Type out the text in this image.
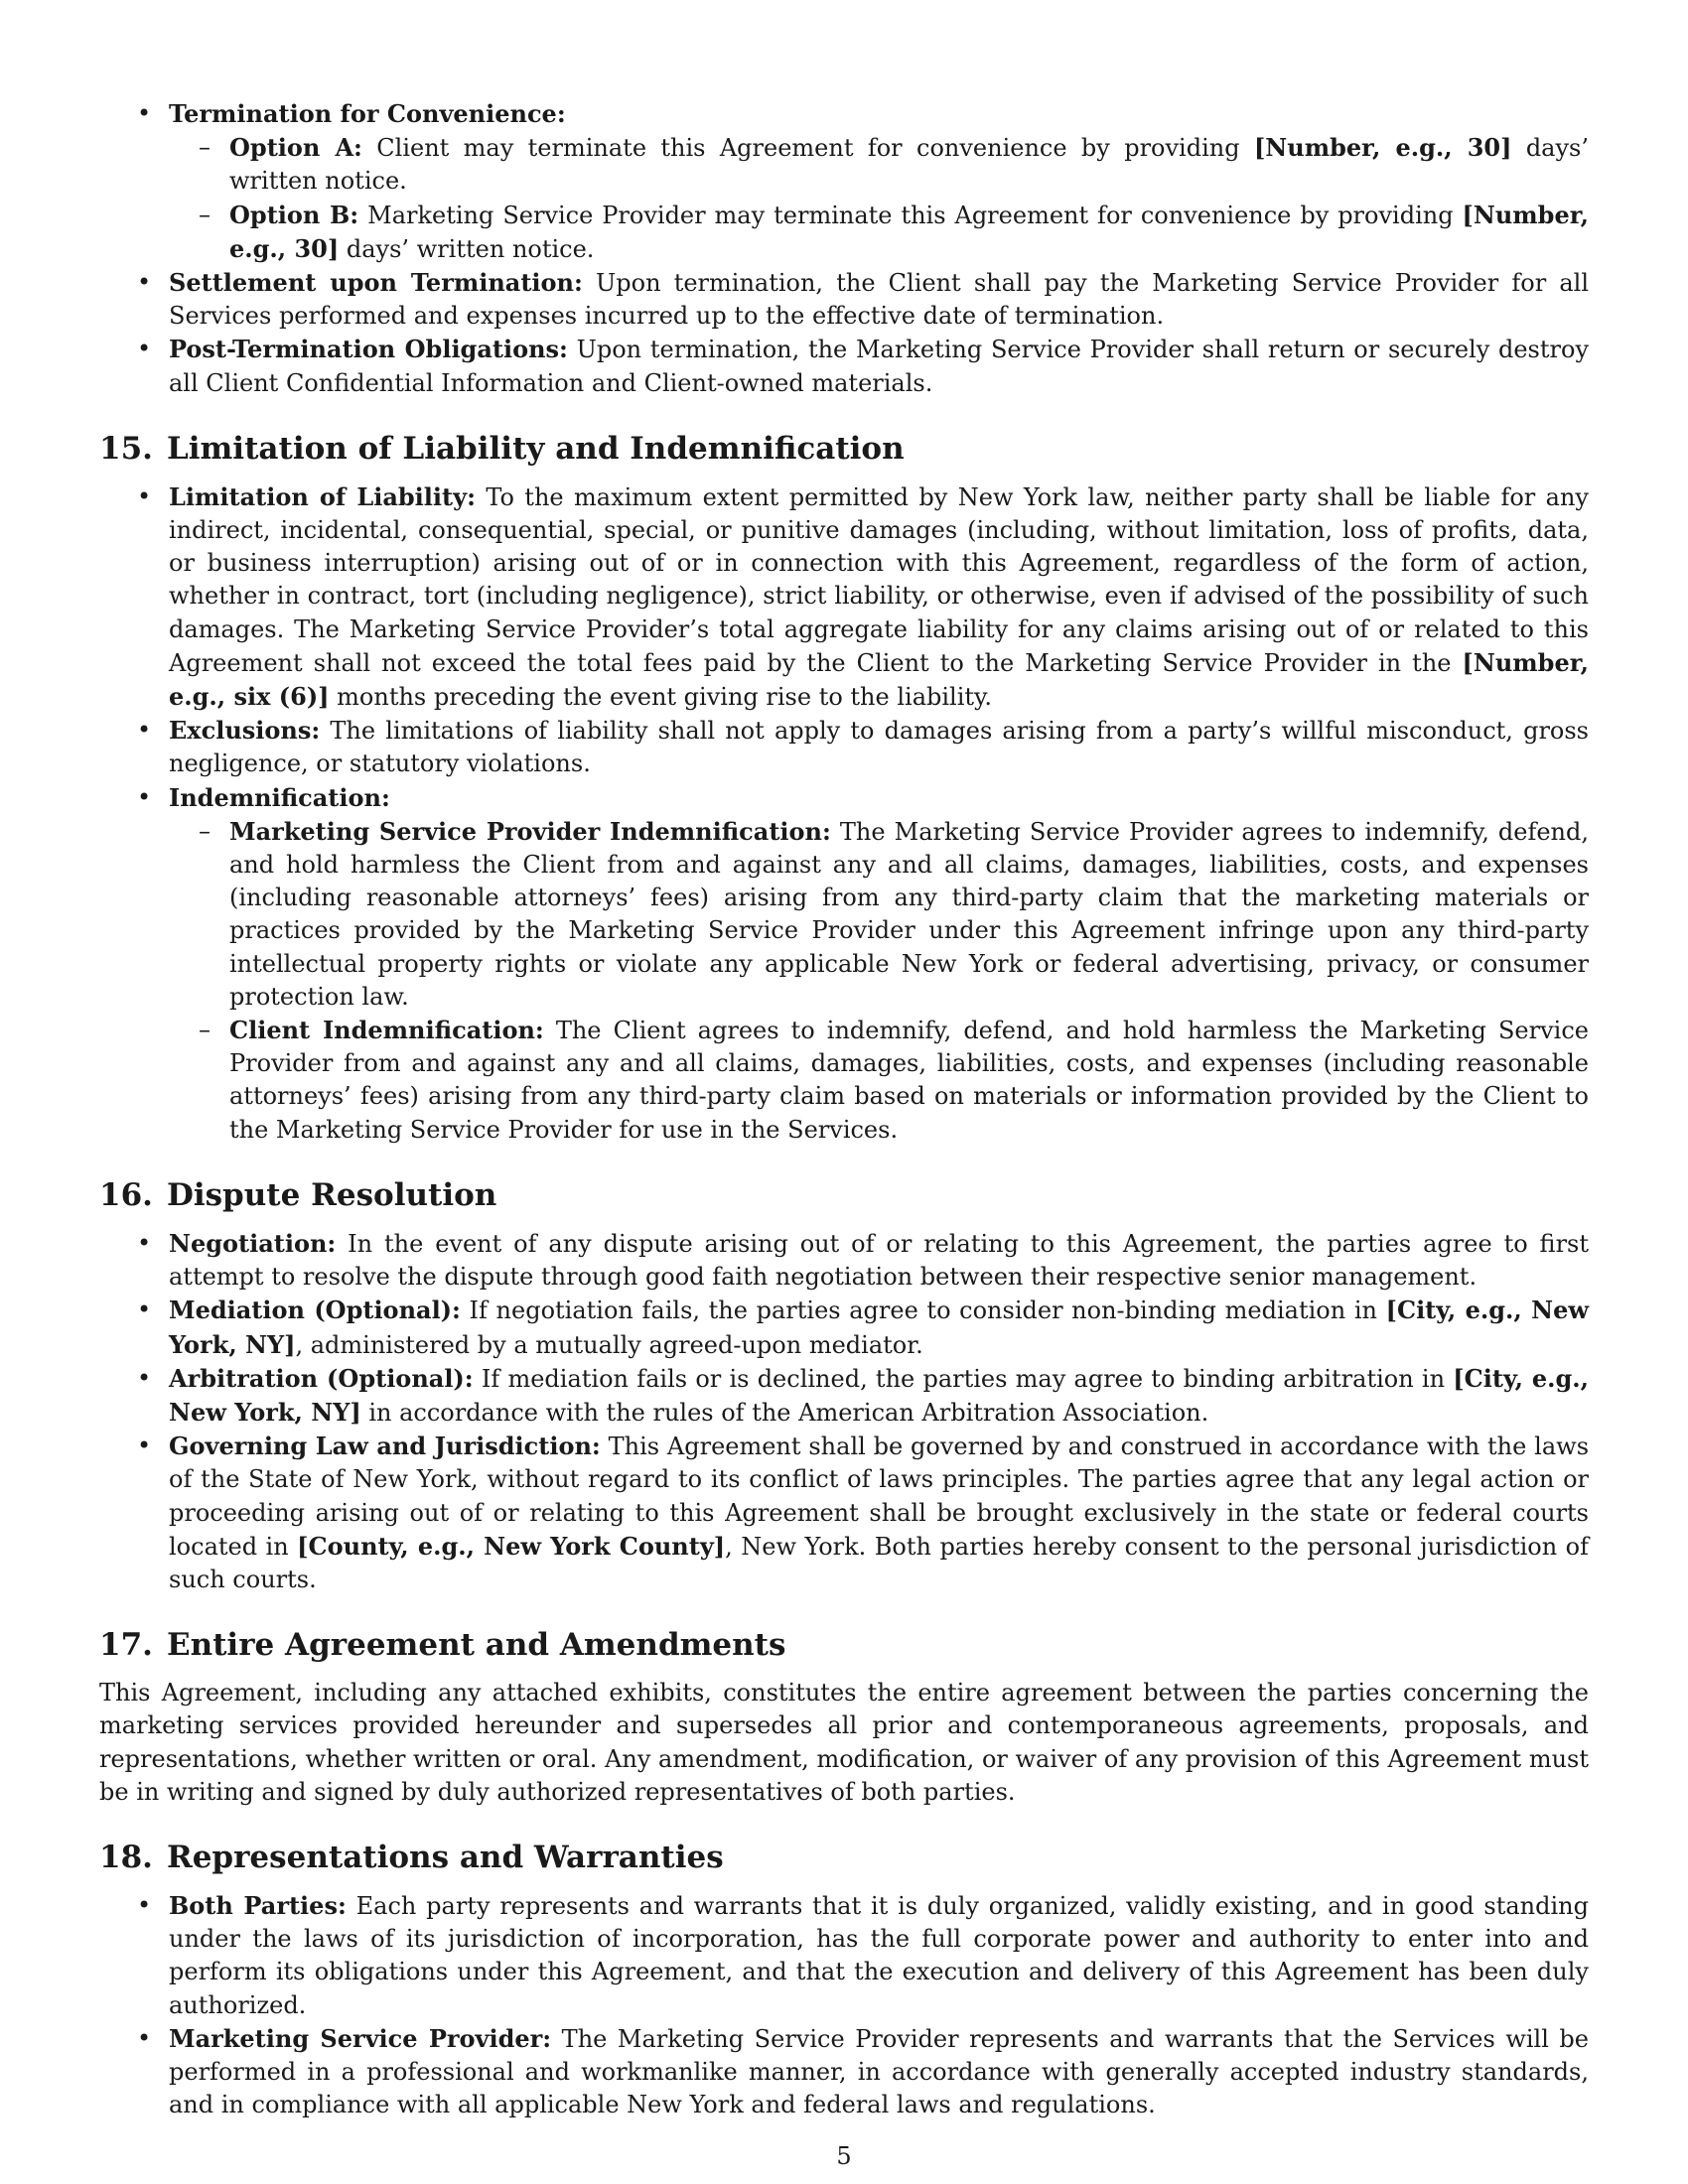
• Termination for Convenience:
– Option A: Client may terminate this Agreement for convenience by providing [Number, e.g., 30] days’ written notice.
– Option B: Marketing Service Provider may terminate this Agreement for convenience by providing [Number, e.g., 30] days’ written notice.
• Settlement upon Termination: Upon termination, the Client shall pay the Marketing Service Provider for all Services performed and expenses incurred up to the effective date of termination.
• Post-Termination Obligations: Upon termination, the Marketing Service Provider shall return or securely destroy all Client Confidential Information and Client-owned materials.
15. Limitation of Liability and Indemnification
• Limitation of Liability: To the maximum extent permitted by New York law, neither party shall be liable for any indirect, incidental, consequential, special, or punitive damages (including, without limitation, loss of profits, data, or business interruption) arising out of or in connection with this Agreement, regardless of the form of action, whether in contract, tort (including negligence), strict liability, or otherwise, even if advised of the possibility of such damages. The Marketing Service Provider’s total aggregate liability for any claims arising out of or related to this Agreement shall not exceed the total fees paid by the Client to the Marketing Service Provider in the [Number, e.g., six (6)] months preceding the event giving rise to the liability.
• Exclusions: The limitations of liability shall not apply to damages arising from a party’s willful misconduct, gross negligence, or statutory violations.
• Indemnification:
– Marketing Service Provider Indemnification: The Marketing Service Provider agrees to indemnify, defend, and hold harmless the Client from and against any and all claims, damages, liabilities, costs, and expenses (including reasonable attorneys’ fees) arising from any third-party claim that the marketing materials or practices provided by the Marketing Service Provider under this Agreement infringe upon any third-party intellectual property rights or violate any applicable New York or federal advertising, privacy, or consumer protection law.
– Client Indemnification: The Client agrees to indemnify, defend, and hold harmless the Marketing Service Provider from and against any and all claims, damages, liabilities, costs, and expenses (including reasonable attorneys’ fees) arising from any third-party claim based on materials or information provided by the Client to the Marketing Service Provider for use in the Services.
16. Dispute Resolution
• Negotiation: In the event of any dispute arising out of or relating to this Agreement, the parties agree to first attempt to resolve the dispute through good faith negotiation between their respective senior management.
• Mediation (Optional): If negotiation fails, the parties agree to consider non-binding mediation in [City, e.g., New York, NY], administered by a mutually agreed-upon mediator.
• Arbitration (Optional): If mediation fails or is declined, the parties may agree to binding arbitration in [City, e.g., New York, NY] in accordance with the rules of the American Arbitration Association.
• Governing Law and Jurisdiction: This Agreement shall be governed by and construed in accordance with the laws of the State of New York, without regard to its conflict of laws principles. The parties agree that any legal action or proceeding arising out of or relating to this Agreement shall be brought exclusively in the state or federal courts located in [County, e.g., New York County], New York. Both parties hereby consent to the personal jurisdiction of such courts.
17. Entire Agreement and Amendments

This Agreement, including any attached exhibits, constitutes the entire agreement between the parties concerning the marketing services provided hereunder and supersedes all prior and contemporaneous agreements, proposals, and representations, whether written or oral. Any amendment, modification, or waiver of any provision of this Agreement must be in writing and signed by duly authorized representatives of both parties.

18. Representations and Warranties
• Both Parties: Each party represents and warrants that it is duly organized, validly existing, and in good standing under the laws of its jurisdiction of incorporation, has the full corporate power and authority to enter into and perform its obligations under this Agreement, and that the execution and delivery of this Agreement has been duly authorized.
• Marketing Service Provider: The Marketing Service Provider represents and warrants that the Services will be performed in a professional and workmanlike manner, in accordance with generally accepted industry standards, and in compliance with all applicable New York and federal laws and regulations.
5
